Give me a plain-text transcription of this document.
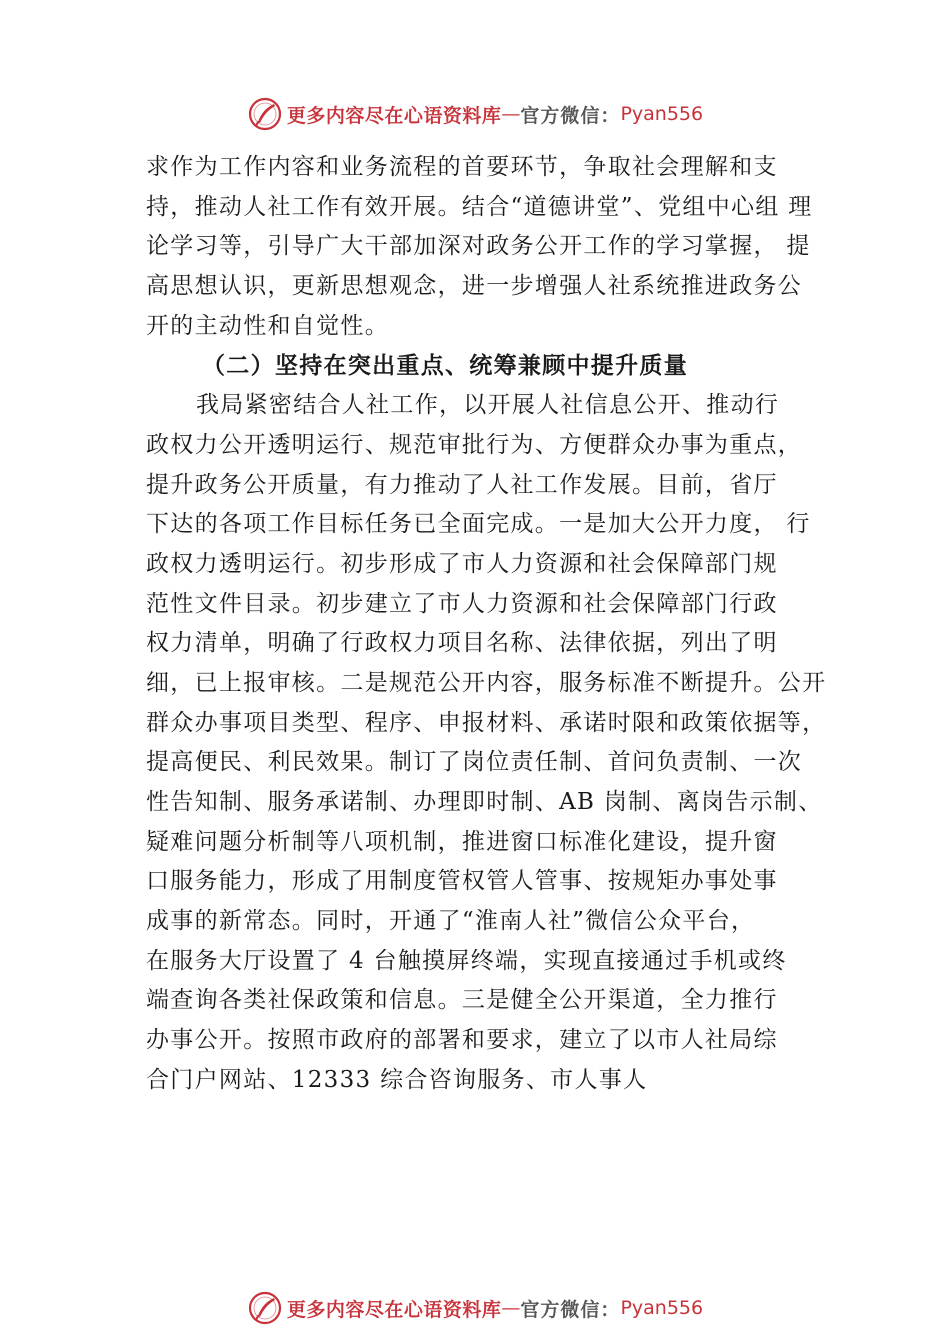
更多内容尽在心语资料库 — 官方微信： Pyan556
求作为工作内容和业务流程的首要环节，争取社会理解和支
持，推动人社工作有效开展。结合“道德讲堂”、党组中心组 理
论学习等，引导广大干部加深对政务公开工作的学习掌握， 提
高思想认识，更新思想观念，进一步增强人社系统推进政务公
开的主动性和自觉性。
（二）坚持在突出重点、统筹兼顾中提升质量
我局紧密结合人社工作，以开展人社信息公开、推动行
政权力公开透明运行、规范审批行为、方便群众办事为重点，
提升政务公开质量，有力推动了人社工作发展。目前，省厅
下达的各项工作目标任务已全面完成。一是加大公开力度， 行
政权力透明运行。初步形成了市人力资源和社会保障部门规
范性文件目录。初步建立了市人力资源和社会保障部门行政
权力清单，明确了行政权力项目名称、法律依据，列出了明
细，已上报审核。二是规范公开内容，服务标准不断提升。公开
群众办事项目类型、程序、申报材料、承诺时限和政策依据等，
提高便民、利民效果。制订了岗位责任制、首问负责制、一次
性告知制、服务承诺制、办理即时制、AB 岗制、离岗告示制、
疑难问题分析制等八项机制，推进窗口标准化建设，提升窗
口服务能力，形成了用制度管权管人管事、按规矩办事处事
成事的新常态。同时，开通了“淮南人社”微信公众平台，
在服务大厅设置了 4 台触摸屏终端，实现直接通过手机或终
端查询各类社保政策和信息。三是健全公开渠道，全力推行
办事公开。按照市政府的部署和要求，建立了以市人社局综
合门户网站、12333 综合咨询服务、市人事人
更多内容尽在心语资料库 — 官方微信： Pyan556
